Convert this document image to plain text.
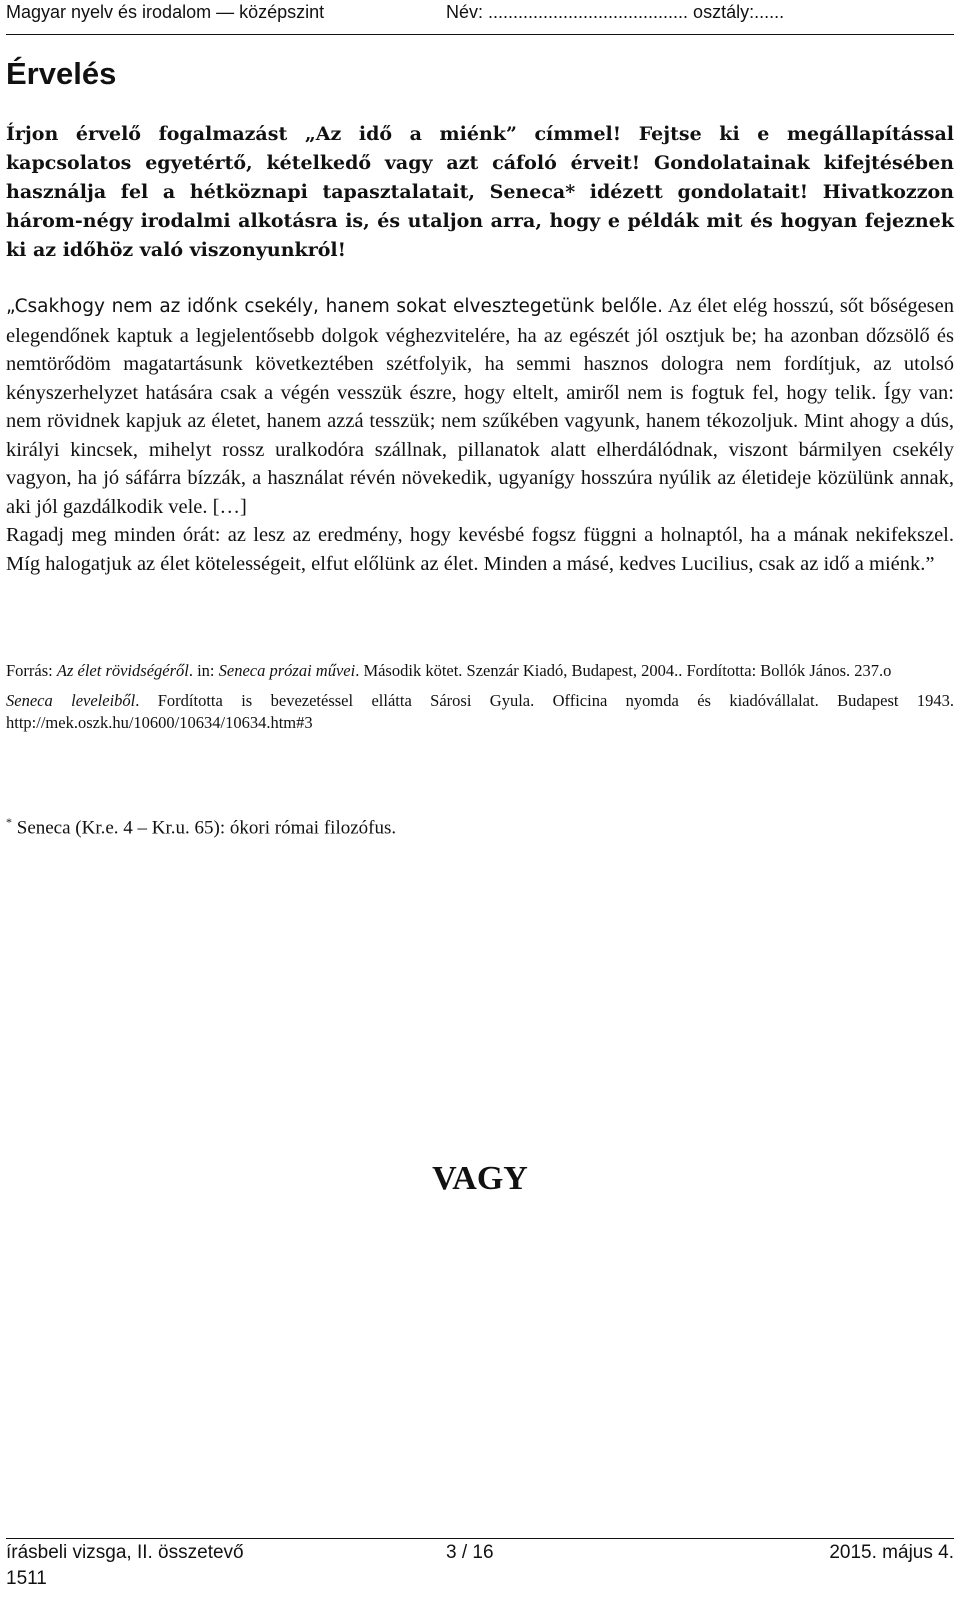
Magyar nyelv és irodalom — középszint	Név: ........................................ osztály:......
Érvelés
Írjon érvelő fogalmazást „Az idő a miénk” címmel! Fejtse ki e megállapítással kapcsolatos egyetértő, kételkedő vagy azt cáfoló érveit! Gondolatainak kifejtésében használja fel a hétköznapi tapasztalatait, Seneca* idézett gondolatait! Hivatkozzon három-négy irodalmi alkotásra is, és utaljon arra, hogy e példák mit és hogyan fejeznek ki az időhöz való viszonyunkról!

„Csakhogy nem az időnk csekély, hanem sokat elvesztegetünk belőle. Az élet elég hosszú, sőt bőségesen elegendőnek kaptuk a legjelentősebb dolgok véghezvitelére, ha az egészét jól osztjuk be; ha azonban dőzsölő és nemtörődöm magatartásunk következtében szétfolyik, ha semmi hasznos dologra nem fordítjuk, az utolsó kényszerhelyzet hatására csak a végén vesszük észre, hogy eltelt, amiről nem is fogtuk fel, hogy telik. Így van: nem rövidnek kapjuk az életet, hanem azzá tesszük; nem szűkében vagyunk, hanem tékozoljuk. Mint ahogy a dús, királyi kincsek, mihelyt rossz uralkodóra szállnak, pillanatok alatt elherdálódnak, viszont bármilyen csekély vagyon, ha jó sáfárra bízzák, a használat révén növekedik, ugyanígy hosszúra nyúlik az életideje közülünk annak, aki jól gazdálkodik vele. […]

Ragadj meg minden órát: az lesz az eredmény, hogy kevésbé fogsz függni a holnaptól, ha a mának nekifekszel. Míg halogatjuk az élet kötelességeit, elfut előlünk az élet. Minden a másé, kedves Lucilius, csak az idő a miénk.”

Forrás: Az élet rövidségéről. in: Seneca prózai művei. Második kötet. Szenzár Kiadó, Budapest, 2004.. Fordította: Bollók János. 237.o

Seneca leveleiből. Fordította is bevezetéssel ellátta Sárosi Gyula. Officina nyomda és kiadóvállalat. Budapest 1943. http://mek.oszk.hu/10600/10634/10634.htm#3

* Seneca (Kr.e. 4 – Kr.u. 65): ókori római filozófus.
VAGY
írásbeli vizsga, II. összetevő	3 / 16	2015. május 4.
1511
